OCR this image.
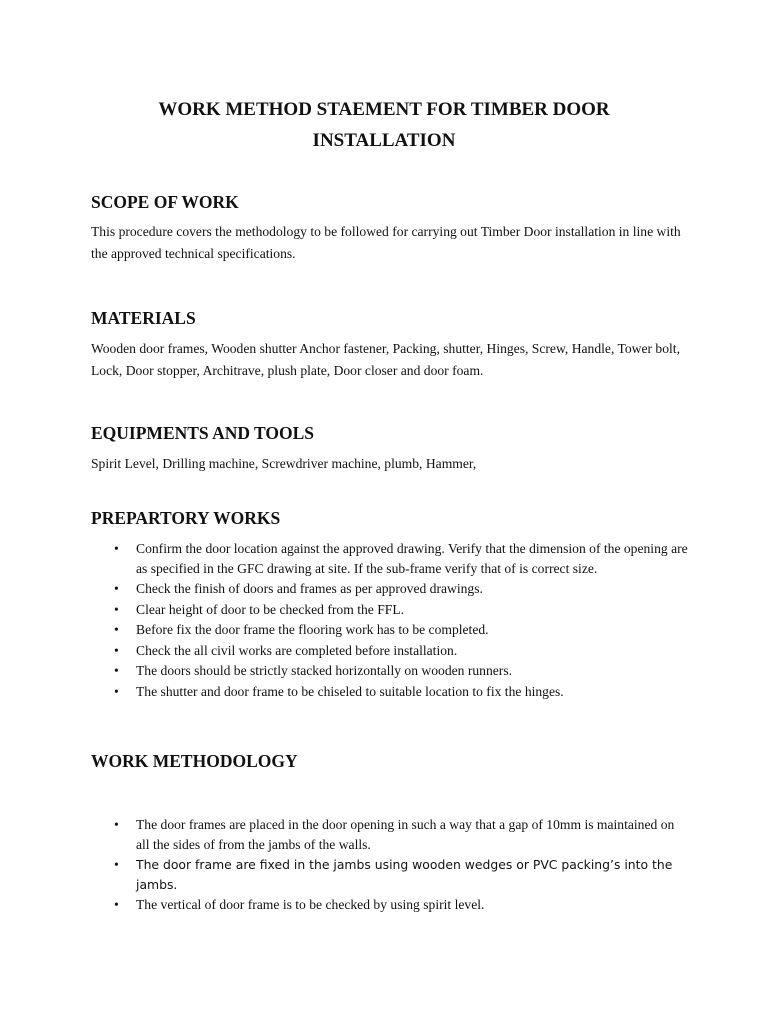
WORK METHOD STAEMENT FOR TIMBER DOOR INSTALLATION
SCOPE OF WORK

This procedure covers the methodology to be followed for carrying out Timber Door installation in line with the approved technical specifications.

MATERIALS

Wooden door frames, Wooden shutter Anchor fastener, Packing, shutter, Hinges, Screw, Handle, Tower bolt, Lock, Door stopper, Architrave, plush plate, Door closer and door foam.

EQUIPMENTS AND TOOLS

Spirit Level, Drilling machine, Screwdriver machine, plumb, Hammer,

PREPARTORY WORKS
• Confirm the door location against the approved drawing. Verify that the dimension of the opening are as specified in the GFC drawing at site. If the sub-frame verify that of is correct size.
• Check the finish of doors and frames as per approved drawings.
• Clear height of door to be checked from the FFL.
• Before fix the door frame the flooring work has to be completed.
• Check the all civil works are completed before installation.
• The doors should be strictly stacked horizontally on wooden runners.
• The shutter and door frame to be chiseled to suitable location to fix the hinges.
WORK METHODOLOGY
• The door frames are placed in the door opening in such a way that a gap of 10mm is maintained on all the sides of from the jambs of the walls.
• The door frame are fixed in the jambs using wooden wedges or PVC packing’s into the jambs.
• The vertical of door frame is to be checked by using spirit level.
